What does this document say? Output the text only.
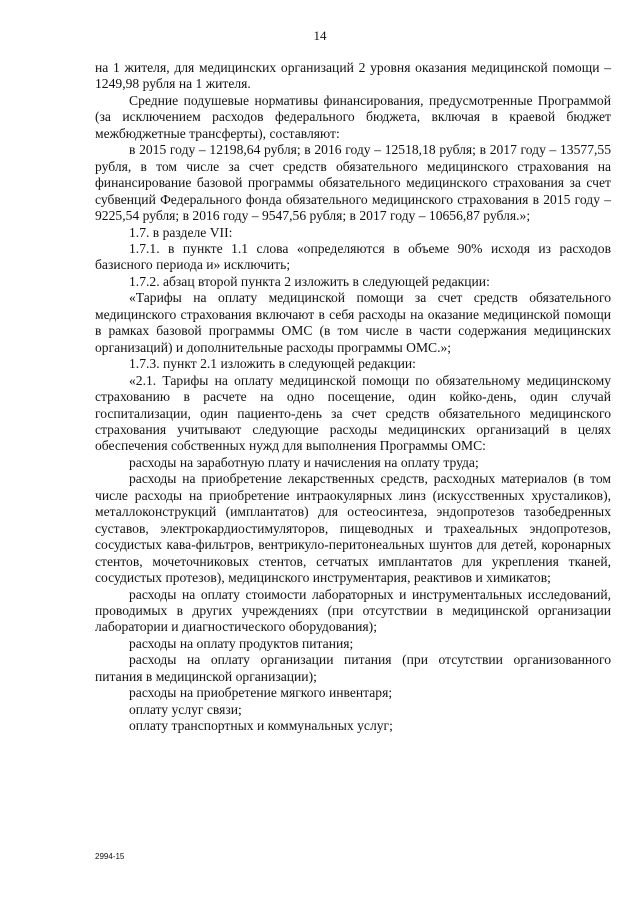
14

на 1 жителя, для медицинских организаций 2 уровня оказания медицинской помощи – 1249,98 рубля на 1 жителя.

Средние подушевые нормативы финансирования, предусмотренные Программой (за исключением расходов федерального бюджета, включая в краевой бюджет межбюджетные трансферты), составляют:

в 2015 году – 12198,64 рубля; в 2016 году – 12518,18 рубля; в 2017 году – 13577,55 рубля, в том числе за счет средств обязательного медицинского страхования на финансирование базовой программы обязательного медицинского страхования за счет субвенций Федерального фонда обязательного медицинского страхования в 2015 году – 9225,54 рубля; в 2016 году – 9547,56 рубля; в 2017 году – 10656,87 рубля.»;

1.7. в разделе VII:

1.7.1. в пункте 1.1 слова «определяются в объеме 90% исходя из расходов базисного периода и» исключить;

1.7.2. абзац второй пункта 2 изложить в следующей редакции:

«Тарифы на оплату медицинской помощи за счет средств обязательного медицинского страхования включают в себя расходы на оказание медицинской помощи в рамках базовой программы ОМС (в том числе в части содержания медицинских организаций) и дополнительные расходы программы ОМС.»;

1.7.3. пункт 2.1 изложить в следующей редакции:

«2.1. Тарифы на оплату медицинской помощи по обязательному медицинскому страхованию в расчете на одно посещение, один койко-день, один случай госпитализации, один пациенто-день за счет средств обязательного медицинского страхования учитывают следующие расходы медицинских организаций в целях обеспечения собственных нужд для выполнения Программы ОМС:

расходы на заработную плату и начисления на оплату труда;

расходы на приобретение лекарственных средств, расходных материалов (в том числе расходы на приобретение интраокулярных линз (искусственных хрусталиков), металлоконструкций (имплантатов) для остеосинтеза, эндопротезов тазобедренных суставов, электрокардиостимуляторов, пищеводных и трахеальных эндопротезов, сосудистых кава-фильтров, вентрикуло-перитонеальных шунтов для детей, коронарных стентов, мочеточниковых стентов, сетчатых имплантатов для укрепления тканей, сосудистых протезов), медицинского инструментария, реактивов и химикатов;

расходы на оплату стоимости лабораторных и инструментальных исследований, проводимых в других учреждениях (при отсутствии в медицинской организации лаборатории и диагностического оборудования);

расходы на оплату продуктов питания;

расходы на оплату организации питания (при отсутствии организованного питания в медицинской организации);

расходы на приобретение мягкого инвентаря;

оплату услуг связи;

оплату транспортных и коммунальных услуг;

2994-15
